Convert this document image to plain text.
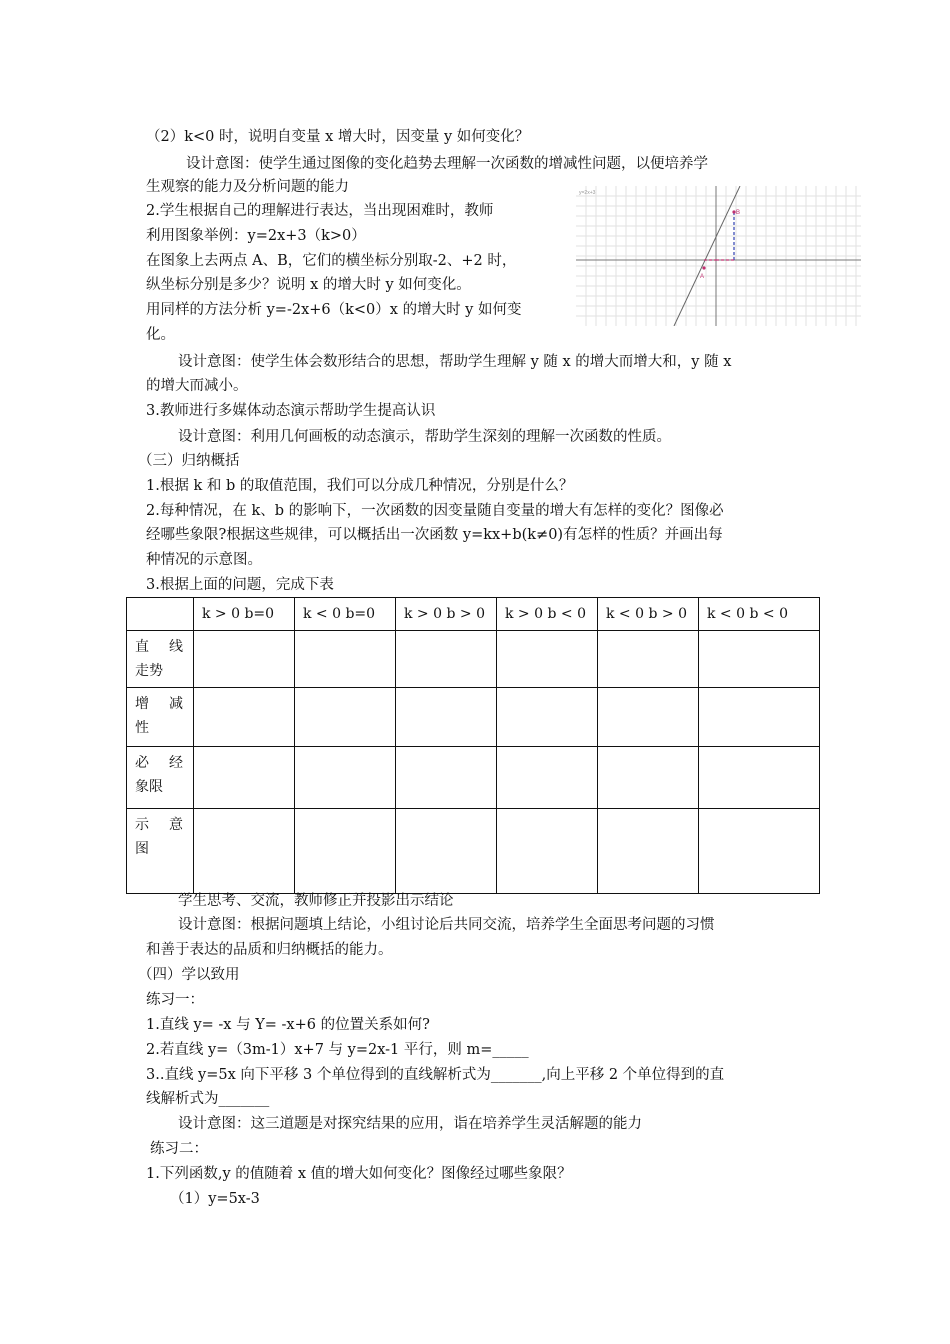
（2）k<0 时，说明自变量 x 增大时，因变量 y 如何变化？
设计意图：使学生通过图像的变化趋势去理解一次函数的增减性问题，以便培养学
生观察的能力及分析问题的能力
2.学生根据自己的理解进行表达，当出现困难时，教师
利用图象举例：y=2x+3（k>0）
在图象上去两点 A、B，它们的横坐标分别取-2、+2 时，
纵坐标分别是多少？说明 x 的增大时 y 如何变化。
用同样的方法分析 y=-2x+6（k<0）x 的增大时 y 如何变
化。
A
B
y=2x+3
设计意图：使学生体会数形结合的思想，帮助学生理解 y 随 x 的增大而增大和，y 随 x
的增大而减小。
3.教师进行多媒体动态演示帮助学生提高认识
设计意图：利用几何画板的动态演示，帮助学生深刻的理解一次函数的性质。
（三）归纳概括
1.根据 k 和 b 的取值范围，我们可以分成几种情况，分别是什么？
2.每种情况，在 k、b 的影响下，一次函数的因变量随自变量的增大有怎样的变化？图像必
经哪些象限?根据这些规律，可以概括出一次函数 y=kx+b(k≠0)有怎样的性质？并画出每
种情况的示意图。
3.根据上面的问题，完成下表
	k > 0 b=0	k < 0 b=0	k > 0 b > 0	k > 0 b < 0	k < 0 b > 0	k < 0 b < 0

直 线
走势						

增 减
性						

必 经
象限						

示 意
图						

学生思考、交流，教师修正并投影出示结论
设计意图：根据问题填上结论，小组讨论后共同交流，培养学生全面思考问题的习惯
和善于表达的品质和归纳概括的能力。
（四）学以致用
练习一：
1.直线 y= -x 与 Y= -x+6 的位置关系如何?
2.若直线 y=（3m-1）x+7 与 y=2x-1 平行，则 m=_____
3..直线 y=5x 向下平移 3 个单位得到的直线解析式为_______,向上平移 2 个单位得到的直
线解析式为_______
设计意图：这三道题是对探究结果的应用，诣在培养学生灵活解题的能力
练习二：
1.下列函数,y 的值随着 x 值的增大如何变化？图像经过哪些象限？
（1）y=5x-3
